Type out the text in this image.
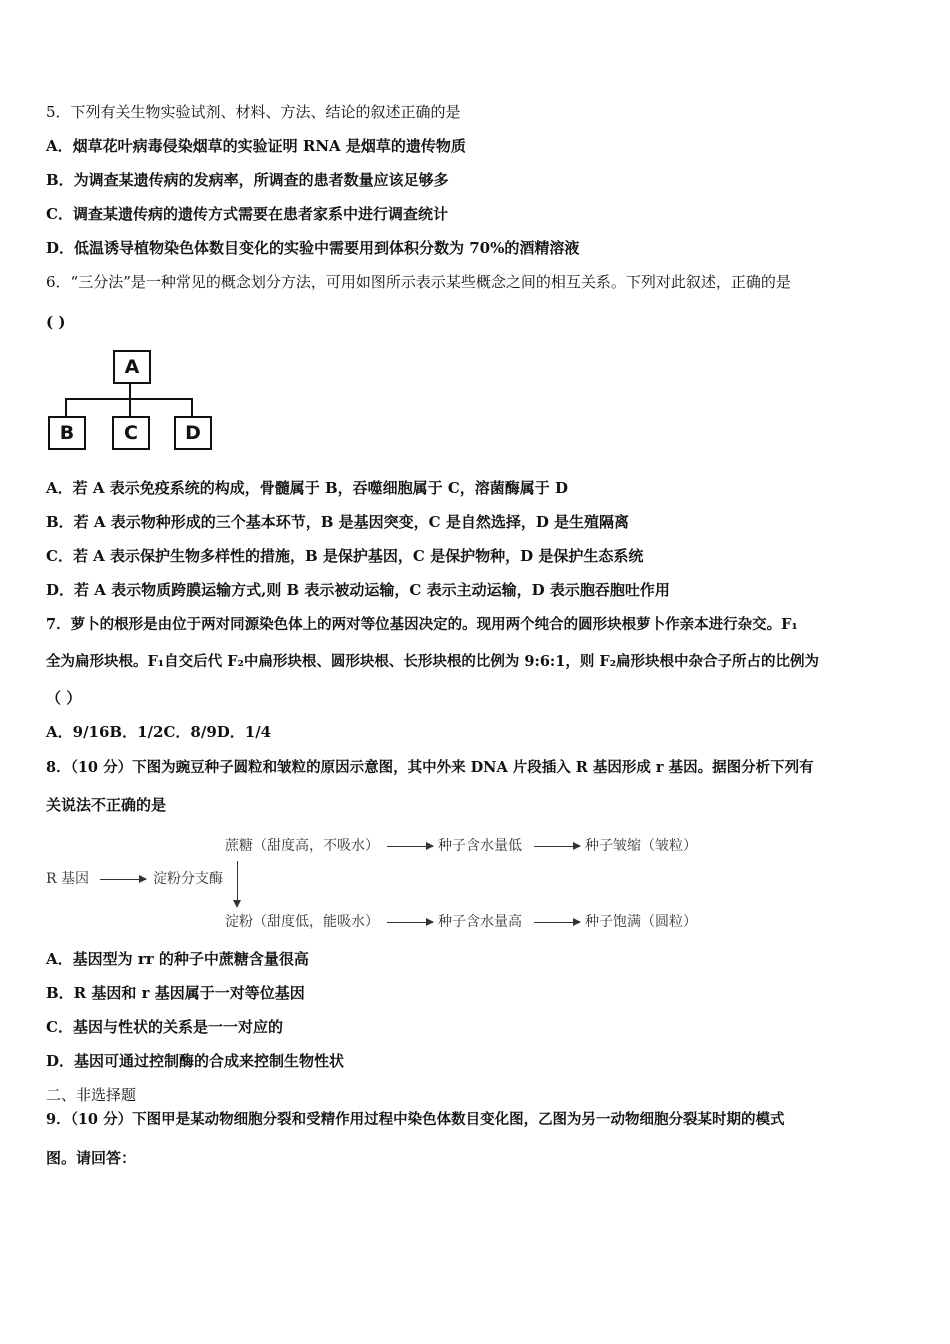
5．下列有关生物实验试剂、材料、方法、结论的叙述正确的是
A．烟草花叶病毒侵染烟草的实验证明 RNA 是烟草的遗传物质
B．为调查某遗传病的发病率，所调查的患者数量应该足够多
C．调查某遗传病的遗传方式需要在患者家系中进行调查统计
D．低温诱导植物染色体数目变化的实验中需要用到体积分数为 70%的酒精溶液
6．“三分法”是一种常见的概念划分方法，可用如图所示表示某些概念之间的相互关系。下列对此叙述，正确的是
( )
A
B	C	D
A．若 A 表示免疫系统的构成，骨髓属于 B，吞噬细胞属于 C，溶菌酶属于 D
B．若 A 表示物种形成的三个基本环节，B 是基因突变，C 是自然选择，D 是生殖隔离
C．若 A 表示保护生物多样性的措施，B 是保护基因，C 是保护物种，D 是保护生态系统
D．若 A 表示物质跨膜运输方式,则 B 表示被动运输，C 表示主动运输，D 表示胞吞胞吐作用
7．萝卜的根形是由位于两对同源染色体上的两对等位基因决定的。现用两个纯合的圆形块根萝卜作亲本进行杂交。F₁
全为扁形块根。F₁自交后代 F₂中扁形块根、圆形块根、长形块根的比例为 9:6:1，则 F₂扁形块根中杂合子所占的比例为
（ ）
A．9/16B．1/2C．8/9D．1/4
8．（10 分）下图为豌豆种子圆粒和皱粒的原因示意图，其中外来 DNA 片段插入 R 基因形成 r 基因。据图分析下列有
关说法不正确的是
蔗糖（甜度高，不吸水）	种子含水量低	种子皱缩（皱粒）
R 基因	淀粉分支酶
淀粉（甜度低，能吸水）	种子含水量高	种子饱满（圆粒）
A．基因型为 rr 的种子中蔗糖含量很高
B．R 基因和 r 基因属于一对等位基因
C．基因与性状的关系是一一对应的
D．基因可通过控制酶的合成来控制生物性状
二、非选择题
9．（10 分）下图甲是某动物细胞分裂和受精作用过程中染色体数目变化图，乙图为另一动物细胞分裂某时期的模式
图。请回答：
